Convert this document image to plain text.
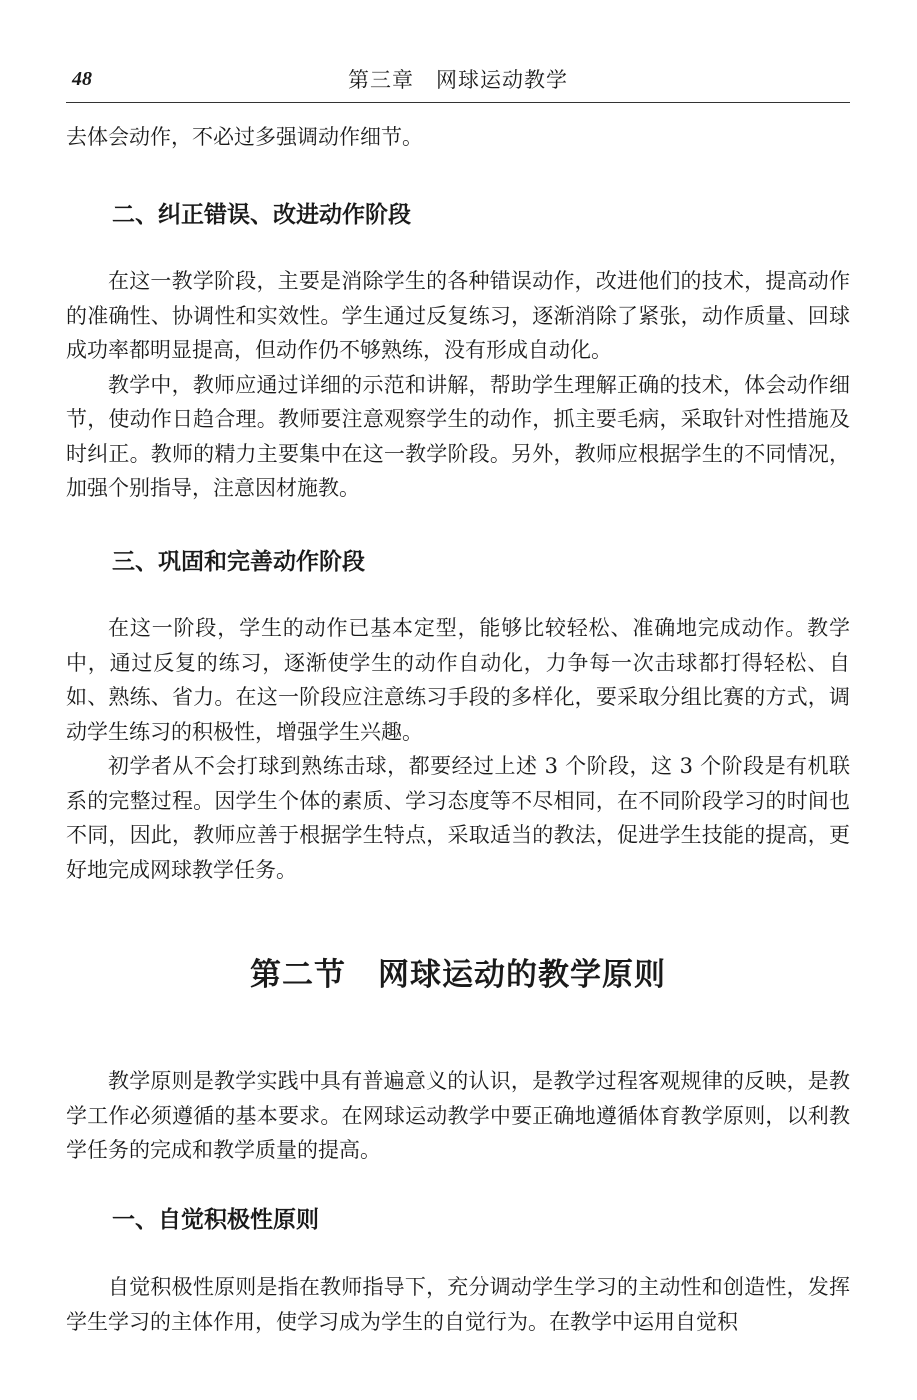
48	第三章　网球运动教学

去体会动作，不必过多强调动作细节。

二、纠正错误、改进动作阶段

在这一教学阶段，主要是消除学生的各种错误动作，改进他们的技术，提高动作的准确性、协调性和实效性。学生通过反复练习，逐渐消除了紧张，动作质量、回球成功率都明显提高，但动作仍不够熟练，没有形成自动化。

教学中，教师应通过详细的示范和讲解，帮助学生理解正确的技术，体会动作细节，使动作日趋合理。教师要注意观察学生的动作，抓主要毛病，采取针对性措施及时纠正。教师的精力主要集中在这一教学阶段。另外，教师应根据学生的不同情况，加强个别指导，注意因材施教。

三、巩固和完善动作阶段

在这一阶段，学生的动作已基本定型，能够比较轻松、准确地完成动作。教学中，通过反复的练习，逐渐使学生的动作自动化，力争每一次击球都打得轻松、自如、熟练、省力。在这一阶段应注意练习手段的多样化，要采取分组比赛的方式，调动学生练习的积极性，增强学生兴趣。

初学者从不会打球到熟练击球，都要经过上述 3 个阶段，这 3 个阶段是有机联系的完整过程。因学生个体的素质、学习态度等不尽相同，在不同阶段学习的时间也不同，因此，教师应善于根据学生特点，采取适当的教法，促进学生技能的提高，更好地完成网球教学任务。

第二节　网球运动的教学原则

教学原则是教学实践中具有普遍意义的认识，是教学过程客观规律的反映，是教学工作必须遵循的基本要求。在网球运动教学中要正确地遵循体育教学原则，以利教学任务的完成和教学质量的提高。

一、自觉积极性原则

自觉积极性原则是指在教师指导下，充分调动学生学习的主动性和创造性，发挥学生学习的主体作用，使学习成为学生的自觉行为。在教学中运用自觉积
